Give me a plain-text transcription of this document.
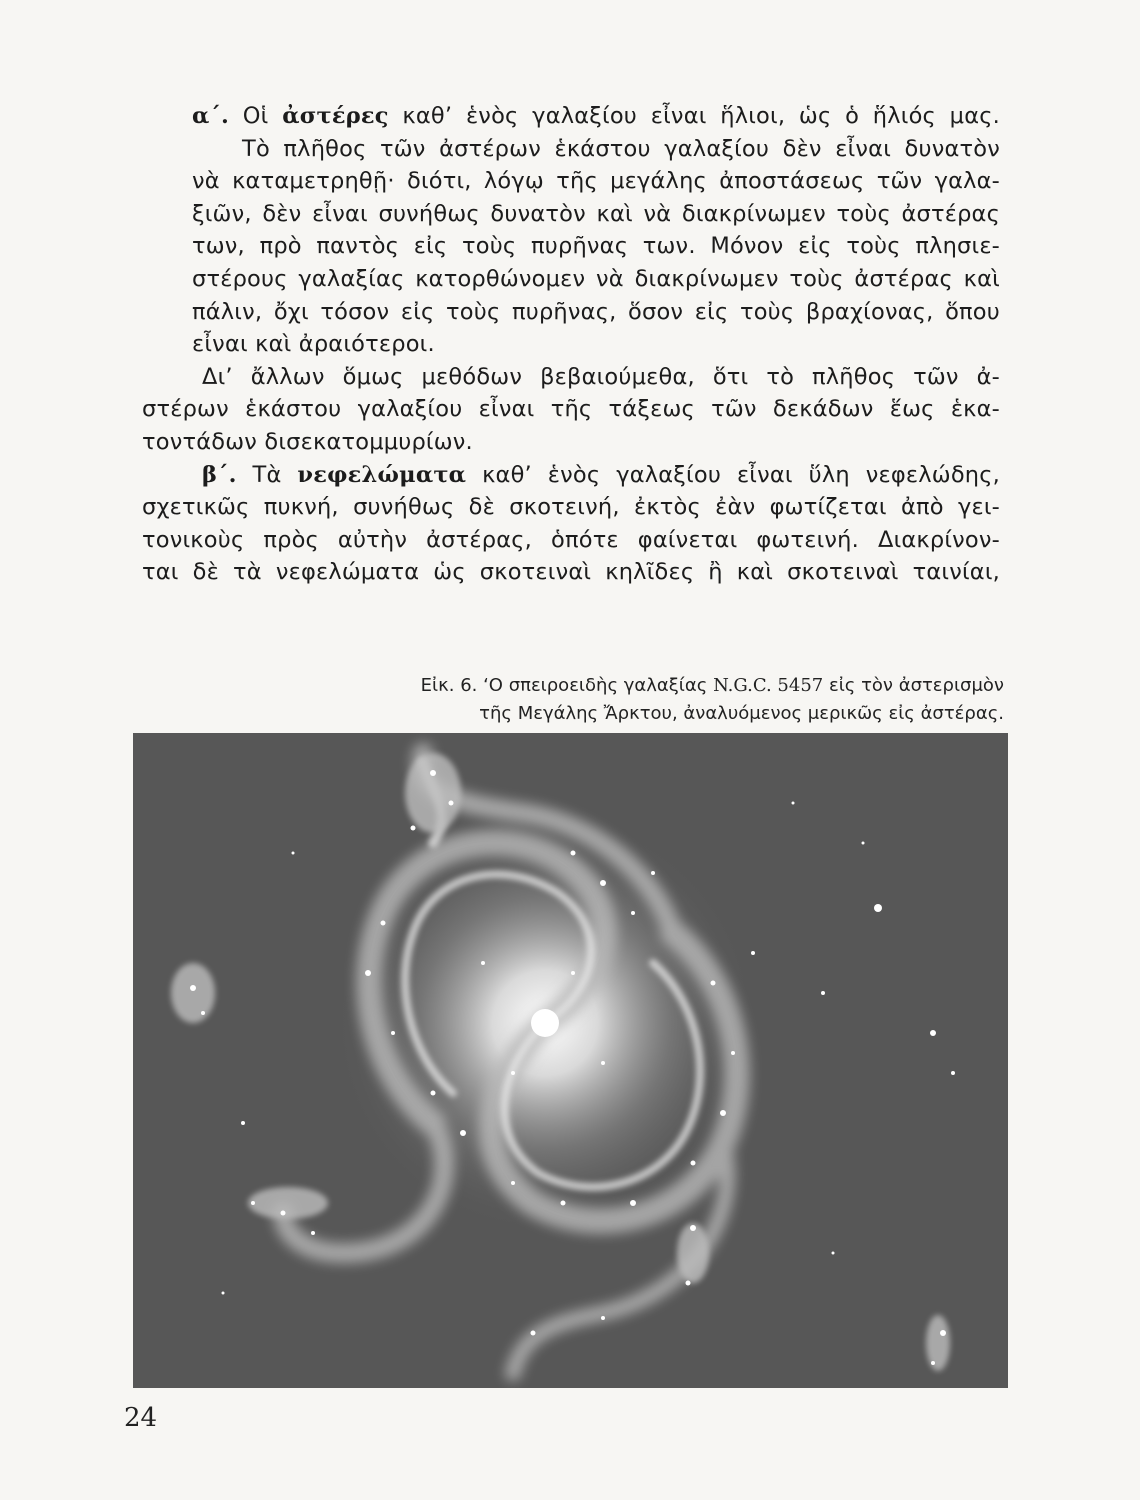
α΄. Οἱ ἀστέρες καθ’ ἑνὸς γαλαξίου εἶναι ἥλιοι, ὡς ὁ ἥλιός μας.
Τὸ πλῆθος τῶν ἀστέρων ἑκάστου γαλαξίου δὲν εἶναι δυνατὸν
νὰ καταμετρηθῇ· διότι, λόγῳ τῆς μεγάλης ἀποστάσεως τῶν γαλα-
ξιῶν, δὲν εἶναι συνήθως δυνατὸν καὶ νὰ διακρίνωμεν τοὺς ἀστέρας
των, πρὸ παντὸς εἰς τοὺς πυρῆνας των. Μόνον εἰς τοὺς πλησιε-
στέρους γαλαξίας κατορθώνομεν νὰ διακρίνωμεν τοὺς ἀστέρας καὶ
πάλιν, ὄχι τόσον εἰς τοὺς πυρῆνας, ὅσον εἰς τοὺς βραχίονας, ὅπου
εἶναι καὶ ἀραιότεροι.

Δι’ ἄλλων ὅμως μεθόδων βεβαιούμεθα, ὅτι τὸ πλῆθος τῶν ἀ-
στέρων ἑκάστου γαλαξίου εἶναι τῆς τάξεως τῶν δεκάδων ἕως ἑκα-
τοντάδων δισεκατομμυρίων.

β΄. Τὰ νεφελώματα καθ’ ἑνὸς γαλαξίου εἶναι ὕλη νεφελώδης,
σχετικῶς πυκνή, συνήθως δὲ σκοτεινή, ἐκτὸς ἐὰν φωτίζεται ἀπὸ γει-
τονικοὺς πρὸς αὐτὴν ἀστέρας, ὁπότε φαίνεται φωτεινή. Διακρίνον-
ται δὲ τὰ νεφελώματα ὡς σκοτειναὶ κηλῖδες ἢ καὶ σκοτειναὶ ταινίαι,

Εἰκ. 6. ‘Ο σπειροειδὴς γαλαξίας N.G.C. 5457 εἰς τὸν ἀστερισμὸν
τῆς Μεγάλης Ἄρκτου, ἀναλυόμενος μερικῶς εἰς ἀστέρας.
24
